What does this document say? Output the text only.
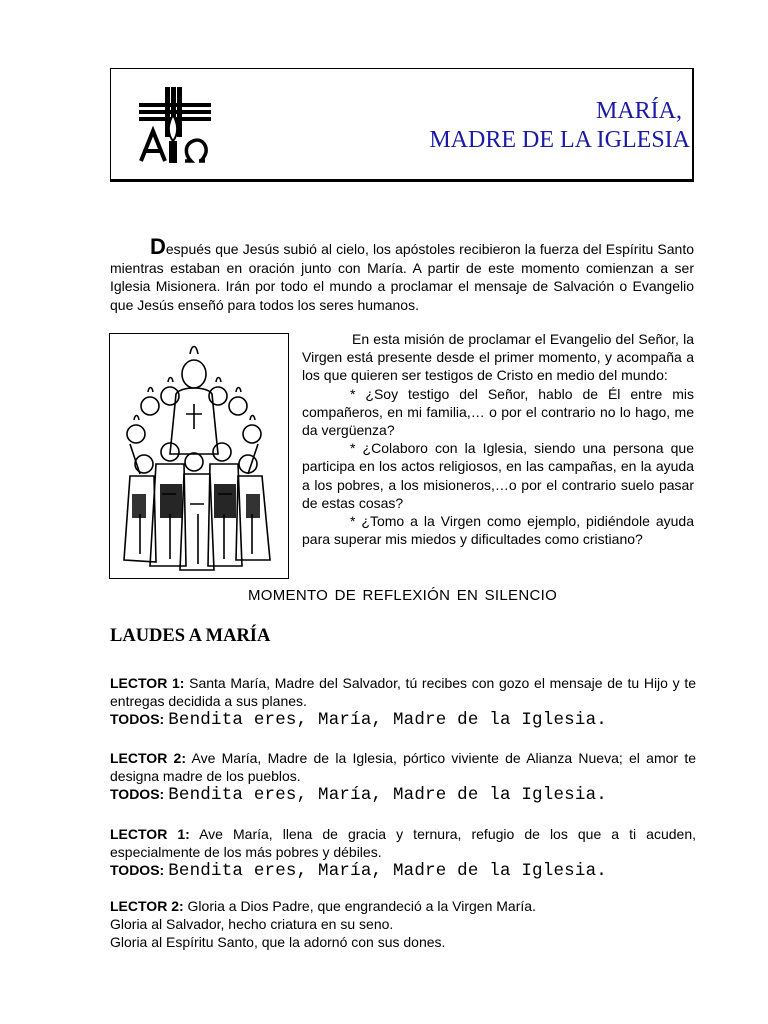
MARÍA,
MADRE DE LA IGLESIA

Después que Jesús subió al cielo, los apóstoles recibieron la fuerza del Espíritu Santo mientras estaban en oración junto con María. A partir de este momento comienzan a ser Iglesia Misionera. Irán por todo el mundo a proclamar el mensaje de Salvación o Evangelio que Jesús enseñó para todos los seres humanos.

En esta misión de proclamar el Evangelio del Señor, la Virgen está presente desde el primer momento, y acompaña a los que quieren ser testigos de Cristo en medio del mundo:

* ¿Soy testigo del Señor, hablo de Él entre mis compañeros, en mi familia,… o por el contrario no lo hago, me da vergüenza?

* ¿Colaboro con la Iglesia, siendo una persona que participa en los actos religiosos, en las campañas, en la ayuda a los pobres, a los misioneros,…o por el contrario suelo pasar de estas cosas?

* ¿Tomo a la Virgen como ejemplo, pidiéndole ayuda para superar mis miedos y dificultades como cristiano?

MOMENTO DE REFLEXIÓN EN SILENCIO
LAUDES A MARÍA

LECTOR 1: Santa María, Madre del Salvador, tú recibes con gozo el mensaje de tu Hijo y te entregas decidida a sus planes.

TODOS: Bendita eres, María, Madre de la Iglesia.

LECTOR 2: Ave María, Madre de la Iglesia, pórtico viviente de Alianza Nueva; el amor te designa madre de los pueblos.

TODOS: Bendita eres, María, Madre de la Iglesia.

LECTOR 1: Ave María, llena de gracia y ternura, refugio de los que a ti acuden, especialmente de los más pobres y débiles.

TODOS: Bendita eres, María, Madre de la Iglesia.

LECTOR 2: Gloria a Dios Padre, que engrandeció a la Virgen María.

Gloria al Salvador, hecho criatura en su seno.

Gloria al Espíritu Santo, que la adornó con sus dones.
